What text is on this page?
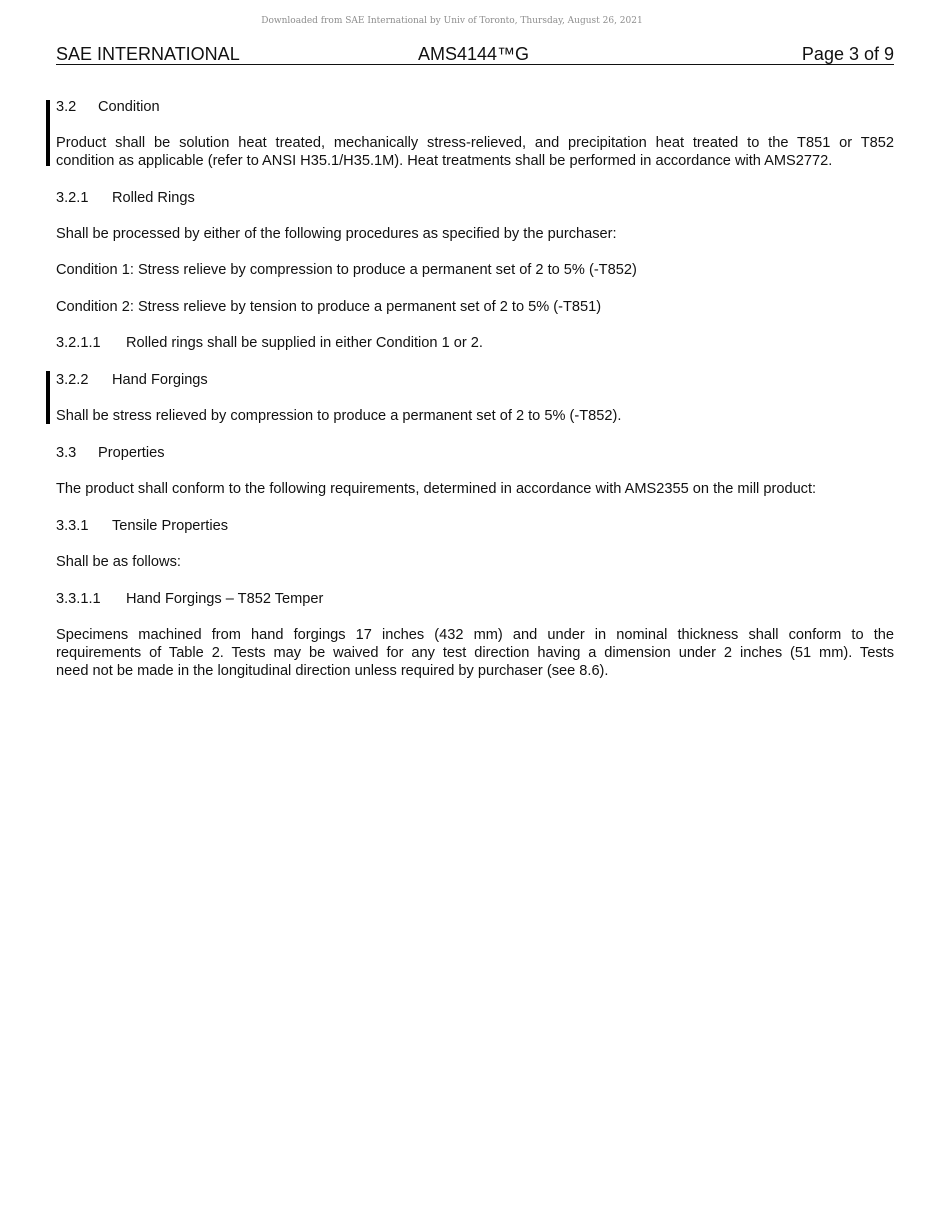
Downloaded from SAE International by Univ of Toronto, Thursday, August 26, 2021
SAE INTERNATIONAL	AMS4144™G	Page 3 of 9
3.2 Condition
Product shall be solution heat treated, mechanically stress-relieved, and precipitation heat treated to the T851 or T852
condition as applicable (refer to ANSI H35.1/H35.1M). Heat treatments shall be performed in accordance with AMS2772.
3.2.1 Rolled Rings
Shall be processed by either of the following procedures as specified by the purchaser:
Condition 1: Stress relieve by compression to produce a permanent set of 2 to 5% (-T852)
Condition 2: Stress relieve by tension to produce a permanent set of 2 to 5% (-T851)
3.2.1.1 Rolled rings shall be supplied in either Condition 1 or 2.
3.2.2 Hand Forgings
Shall be stress relieved by compression to produce a permanent set of 2 to 5% (-T852).
3.3 Properties
The product shall conform to the following requirements, determined in accordance with AMS2355 on the mill product:
3.3.1 Tensile Properties
Shall be as follows:
3.3.1.1 Hand Forgings – T852 Temper
Specimens machined from hand forgings 17 inches (432 mm) and under in nominal thickness shall conform to the
requirements of Table 2. Tests may be waived for any test direction having a dimension under 2 inches (51 mm). Tests
need not be made in the longitudinal direction unless required by purchaser (see 8.6).
